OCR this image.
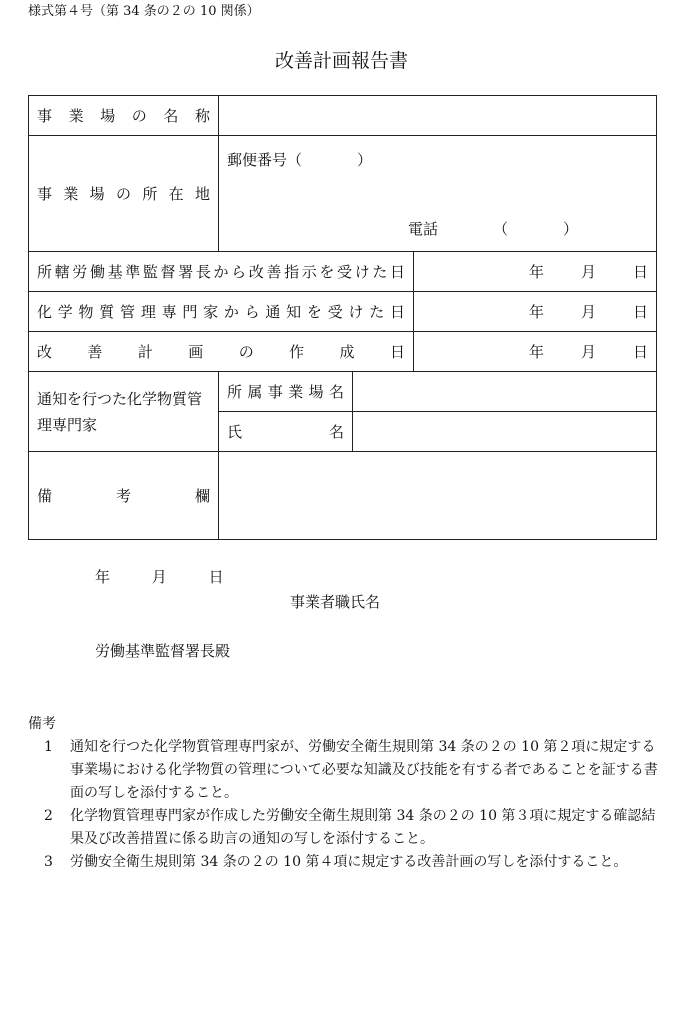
様式第４号（第 34 条の２の 10 関係）
改善計画報告書
事業場の名称			
事業場の所在地	郵便番号（ ）
電話 （ ）		

所轄労働基準監督署長から改善指示を受けた日			年 月 日

化学物質管理専門家から通知を受けた日			年 月 日

改善計画の作成日			年 月 日

通知を行つた化学物質管理専門家	所属事業場名		
	氏名		
備考欄			
年	月	日
事業者職氏名
労働基準監督署長殿
備考
1	通知を行つた化学物質管理専門家が、労働安全衛生規則第 34 条の２の 10 第２項に規定する事業場における化学物質の管理について必要な知識及び技能を有する者であることを証する書面の写しを添付すること。
2	化学物質管理専門家が作成した労働安全衛生規則第 34 条の２の 10 第３項に規定する確認結果及び改善措置に係る助言の通知の写しを添付すること。
3	労働安全衛生規則第 34 条の２の 10 第４項に規定する改善計画の写しを添付すること。
